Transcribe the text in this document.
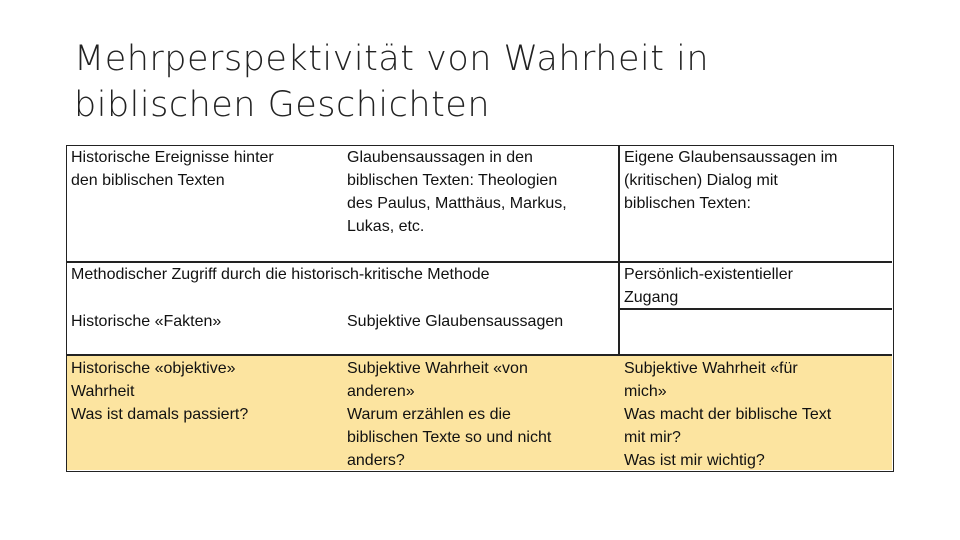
Mehrperspektivität von Wahrheit in
biblischen Geschichten
Historische Ereignisse hinter
den biblischen Texten
Glaubensaussagen in den
biblischen Texten: Theologien
des Paulus, Matthäus, Markus,
Lukas, etc.
Eigene Glaubensaussagen im
(kritischen) Dialog mit
biblischen Texten:
Methodischer Zugriff durch die historisch-kritische Methode	Persönlich-existentieller
Zugang
Historische «Fakten»	Subjektive Glaubensaussagen
Historische «objektive»
Wahrheit
Was ist damals passiert?
Subjektive Wahrheit «von
anderen»
Warum erzählen es die
biblischen Texte so und nicht
anders?
Subjektive Wahrheit «für
mich»
Was macht der biblische Text
mit mir?
Was ist mir wichtig?
